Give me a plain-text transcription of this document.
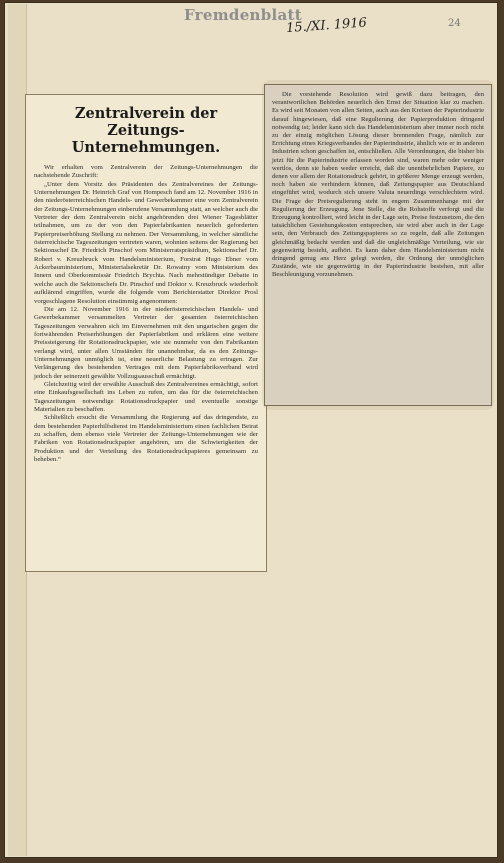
Fremdenblatt
15./XI. 1916	24
Zentralverein der Zeitungs-Unternehmungen.

Wir erhalten vom Zentralverein der Zeitungs-Unternehmungen die nachstehende Zuschrift:

„Unter dem Vorsitz des Präsidenten des Zentralvereines der Zeitungs-Unternehmungen Dr. Heinrich Graf von Hompesch fand am 12. November 1916 in den niederösterreichischen Handels- und Gewerbekammer eine vom Zentralverein der Zeitungs-Unternehmungen einberufene Versammlung statt, an welcher auch die Vertreter der dem Zentralverein nicht angehörenden drei Wiener Tagesblätter teilnahmen, um zu der von den Papierfabrikanten neuerlich geforderten Papierpreiserhöhung Stellung zu nehmen. Der Versammlung, in welcher sämtliche österreichische Tageszeitungen vertreten waren, wohnten seitens der Regierung bei Sektionschef Dr. Friedrich Pinschof vom Ministerratspräsidium, Sektionschef Dr. Robert v. Kreuzbruck vom Handelsministerium, Forstrat Hugo Ebner vom Ackerbauministerium, Ministerialsekretär Dr. Rowatny vom Ministerium des Innern und Oberkommissär Friedrich Brychta. Nach mehrstündiger Debatte in welche auch die Sektionschefs Dr. Pinschof und Doktor v. Kreuzbruck wiederholt aufklärend eingriffen, wurde die folgende vom Berichterstatter Direktor Prosl vorgeschlagene Resolution einstimmig angenommen:

Die am 12. November 1916 in der niederösterreichischen Handels- und Gewerbekammer versammelten Vertreter der gesamten österreichischen Tageszeitungen verwahren sich im Einvernehmen mit den ungarischen gegen die fortwährenden Preiserhöhungen der Papierfabriken und erklären eine weitere Preissteigerung für Rotationsdruckpapier, wie sie nunmehr von den Fabrikanten verlangt wird, unter allen Umständen für unannehmbar, da es den Zeitungs-Unternehmungen unmöglich ist, eine neuerliche Belastung zu ertragen. Zur Verlängerung des bestehenden Vertrages mit dem Papierfabriksverband wird jedoch der seinerzeit gewählte Vollzugsausschuß ermächtigt.

Gleichzeitig wird der erwählte Ausschuß des Zentralvereines ermächtigt, sofort eine Einkaufsgesellschaft ins Leben zu rufen, um das für die österreichischen Tageszeitungen notwendige Rotationsdruckpapier und eventuelle sonstige Materialien zu beschaffen.

Schließlich ersucht die Versammlung die Regierung auf das dringendste, zu dem bestehenden Papierhilfsdienst im Handelsministerium einen fachlichen Beirat zu schaffen, dem ebenso viele Vertreter der Zeitungs-Unternehmungen wie der Fabriken von Rotationsdruckpapier angehören, um die Schwierigkeiten der Produktion und der Verteilung des Rotationsdruckpapieres gemeinsam zu beheben.“

Die vorstehende Resolution wird gewiß dazu beitragen, den verantwortlichen Behörden neuerlich den Ernst der Situation klar zu machen. Es wird seit Monaten von allen Seiten, auch aus den Kreisen der Papierindustrie darauf hingewiesen, daß eine Regulierung der Papierproduktion dringend notwendig ist; leider kann sich das Handelsministerium aber immer noch nicht zu der einzig möglichen Lösung dieser brennenden Frage, nämlich zur Errichtung eines Kriegsverbandes der Papierindustrie, ähnlich wie er in anderen Industrien schon geschaffen ist, entschließen. Alle Verordnungen, die bisher bis jetzt für die Papierindustrie erlassen worden sind, waren mehr oder weniger wertlos, denn sie haben weder erreicht, daß die unentbehrlichen Papiere, zu denen vor allem der Rotationsdruck gehört, in größerer Menge erzeugt werden, noch haben sie verhindern können, daß Zeitungspapier aus Deutschland eingeführt wird, wodurch sich unsere Valuta neuerdings verschlechtern wird. Die Frage der Preisregulierung steht in engem Zusammenhange mit der Regulierung der Erzeugung. Jene Stelle, die die Rohstoffe verforgt und die Erzeugung kontrolliert, wird leicht in der Lage sein, Preise festzusetzen, die den tatsächlichen Gestehungskosten entsprechen, sie wird aber auch in der Lage sein, den Verbrauch des Zeitungspapieres so zu regeln, daß alle Zeitungen gleichmäßig bedacht werden und daß die ungleichmäßige Verteilung, wie sie gegenwärtig besteht, aufhört. Es kann daher dem Handelsministerium nicht dringend genug ans Herz gelegt werden, die Ordnung der unmöglichen Zustände, wie sie gegenwärtig in der Papierindustrie bestehen, mit aller Beschleunigung vorzunehmen.
